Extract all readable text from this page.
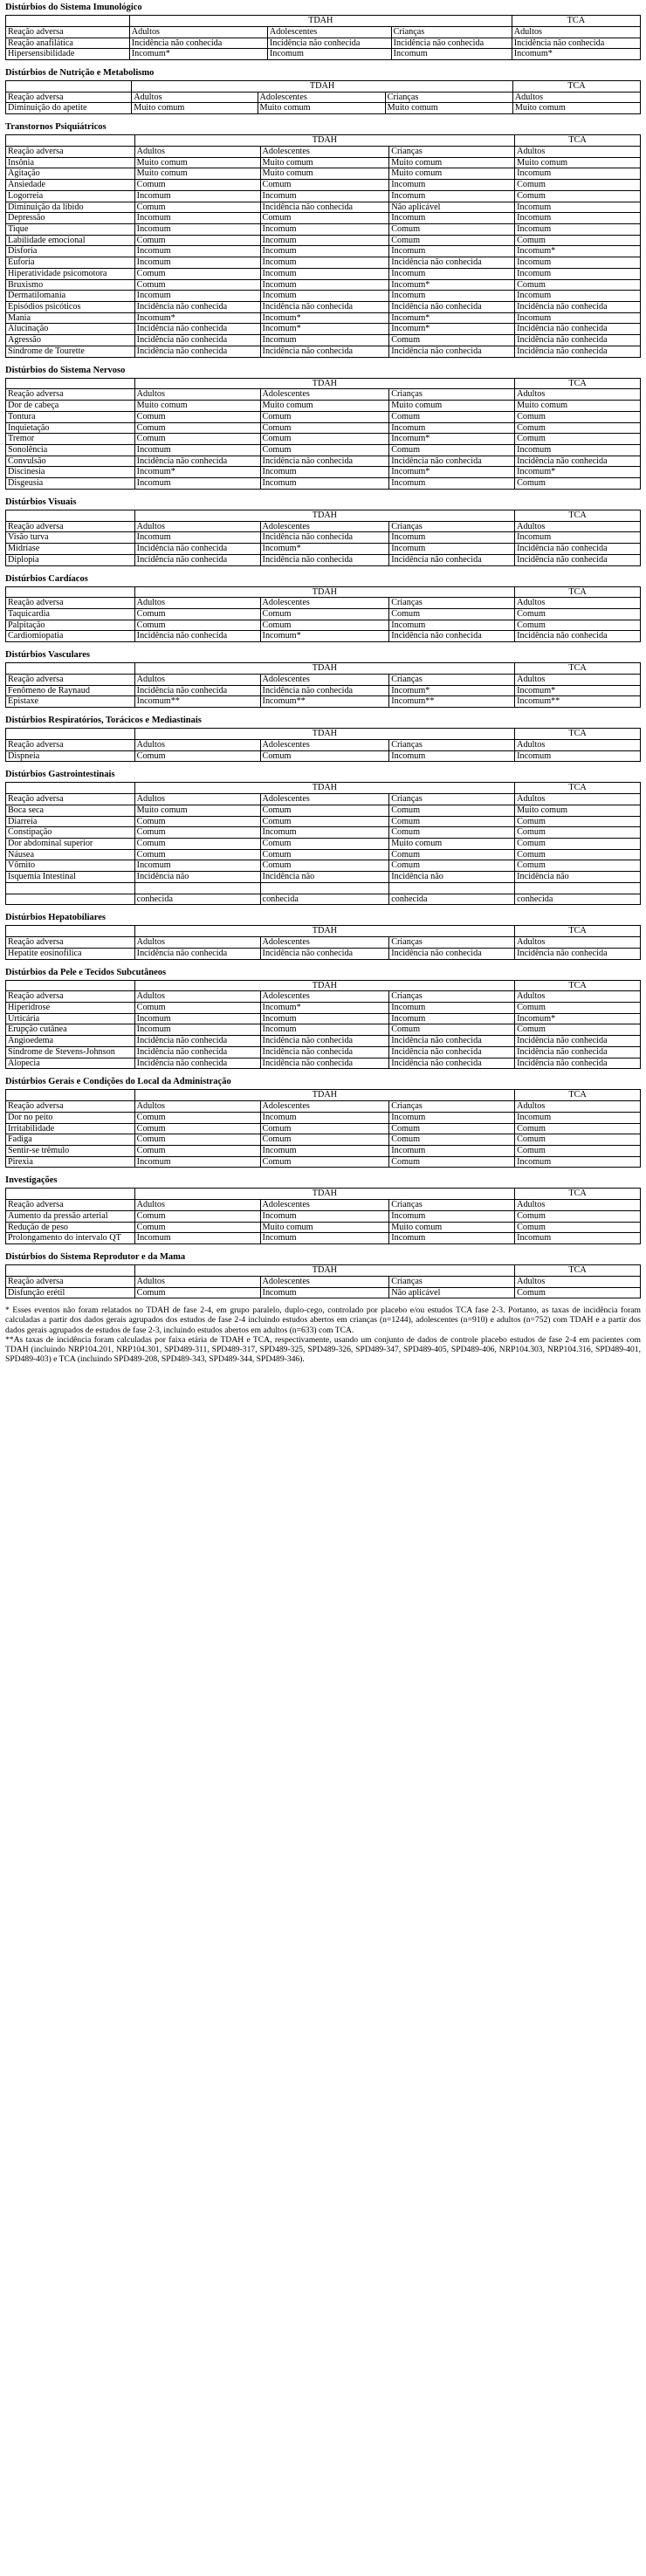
Distúrbios do Sistema Imunológico
	TDAH			TCA
Reação adversa	Adultos	Adolescentes	Crianças	Adultos
Reação anafilática	Incidência não conhecida	Incidência não conhecida	Incidência não conhecida	Incidência não conhecida
Hipersensibilidade	Incomum*	Incomum	Incomum	Incomum*
Distúrbios de Nutrição e Metabolismo
	TDAH			TCA
Reação adversa	Adultos	Adolescentes	Crianças	Adultos
Diminuição do apetite	Muito comum	Muito comum	Muito comum	Muito comum
Transtornos Psiquiátricos
	TDAH			TCA
Reação adversa	Adultos	Adolescentes	Crianças	Adultos
Insônia	Muito comum	Muito comum	Muito comum	Muito comum
Agitação	Muito comum	Muito comum	Muito comum	Incomum
Ansiedade	Comum	Comum	Incomum	Comum
Logorreia	Incomum	Incomum	Incomum	Comum
Diminuição da libido	Comum	Incidência não conhecida	Não aplicável	Incomum
Depressão	Incomum	Comum	Incomum	Incomum
Tique	Incomum	Incomum	Comum	Incomum
Labilidade emocional	Comum	Incomum	Comum	Comum
Disforia	Incomum	Incomum	Incomum	Incomum*
Euforia	Incomum	Incomum	Incidência não conhecida	Incomum
Hiperatividade psicomotora	Comum	Incomum	Incomum	Incomum
Bruxismo	Comum	Incomum	Incomum*	Comum
Dermatilomania	Incomum	Incomum	Incomum	Incomum
Episódios psicóticos	Incidência não conhecida	Incidência não conhecida	Incidência não conhecida	Incidência não conhecida
Mania	Incomum*	Incomum*	Incomum*	Incomum
Alucinação	Incidência não conhecida	Incomum*	Incomum*	Incidência não conhecida
Agressão	Incidência não conhecida	Incomum	Comum	Incidência não conhecida
Síndrome de Tourette	Incidência não conhecida	Incidência não conhecida	Incidência não conhecida	Incidência não conhecida
Distúrbios do Sistema Nervoso
	TDAH			TCA
Reação adversa	Adultos	Adolescentes	Crianças	Adultos
Dor de cabeça	Muito comum	Muito comum	Muito comum	Muito comum
Tontura	Comum	Comum	Comum	Comum
Inquietação	Comum	Comum	Incomum	Comum
Tremor	Comum	Comum	Incomum*	Comum
Sonolência	Incomum	Comum	Comum	Incomum
Convulsão	Incidência não conhecida	Incidência não conhecida	Incidência não conhecida	Incidência não conhecida
Discinesia	Incomum*	Incomum	Incomum*	Incomum*
Disgeusia	Incomum	Incomum	Incomum	Comum
Distúrbios Visuais
	TDAH			TCA
Reação adversa	Adultos	Adolescentes	Crianças	Adultos
Visão turva	Incomum	Incidência não conhecida	Incomum	Incomum
Midríase	Incidência não conhecida	Incomum*	Incomum	Incidência não conhecida
Diplopia	Incidência não conhecida	Incidência não conhecida	Incidência não conhecida	Incidência não conhecida
Distúrbios Cardíacos
	TDAH			TCA
Reação adversa	Adultos	Adolescentes	Crianças	Adultos
Taquicardia	Comum	Comum	Comum	Comum
Palpitação	Comum	Comum	Incomum	Comum
Cardiomiopatia	Incidência não conhecida	Incomum*	Incidência não conhecida	Incidência não conhecida
Distúrbios Vasculares
	TDAH			TCA
Reação adversa	Adultos	Adolescentes	Crianças	Adultos
Fenômeno de Raynaud	Incidência não conhecida	Incidência não conhecida	Incomum*	Incomum*
Epistaxe	Incomum**	Incomum**	Incomum**	Incomum**
Distúrbios Respiratórios, Torácicos e Mediastinais
	TDAH			TCA
Reação adversa	Adultos	Adolescentes	Crianças	Adultos
Dispneia	Comum	Comum	Incomum	Incomum
Distúrbios Gastrointestinais
	TDAH			TCA
Reação adversa	Adultos	Adolescentes	Crianças	Adultos
Boca seca	Muito comum	Comum	Comum	Muito comum
Diarreia	Comum	Comum	Comum	Comum
Constipação	Comum	Incomum	Comum	Comum
Dor abdominal superior	Comum	Comum	Muito comum	Comum
Náusea	Comum	Comum	Comum	Comum
Vômito	Incomum	Comum	Comum	Comum
Isquemia Intestinal	Incidência não	Incidência não	Incidência não	Incidência não

	conhecida	conhecida	conhecida	conhecida
Distúrbios Hepatobiliares
	TDAH			TCA
Reação adversa	Adultos	Adolescentes	Crianças	Adultos
Hepatite eosinofílica	Incidência não conhecida	Incidência não conhecida	Incidência não conhecida	Incidência não conhecida
Distúrbios da Pele e Tecidos Subcutâneos
	TDAH			TCA
Reação adversa	Adultos	Adolescentes	Crianças	Adultos
Hiperidrose	Comum	Incomum*	Incomum	Comum
Urticária	Incomum	Incomum	Incomum	Incomum*
Erupção cutânea	Incomum	Incomum	Comum	Comum
Angioedema	Incidência não conhecida	Incidência não conhecida	Incidência não conhecida	Incidência não conhecida
Síndrome de Stevens-Johnson	Incidência não conhecida	Incidência não conhecida	Incidência não conhecida	Incidência não conhecida
Alopecia	Incidência não conhecida	Incidência não conhecida	Incidência não conhecida	Incidência não conhecida
Distúrbios Gerais e Condições do Local da Administração
	TDAH			TCA
Reação adversa	Adultos	Adolescentes	Crianças	Adultos
Dor no peito	Comum	Incomum	Incomum	Incomum
Irritabilidade	Comum	Comum	Comum	Comum
Fadiga	Comum	Comum	Comum	Comum
Sentir-se trêmulo	Comum	Incomum	Incomum	Comum
Pirexia	Incomum	Comum	Comum	Incomum
Investigações
	TDAH			TCA
Reação adversa	Adultos	Adolescentes	Crianças	Adultos
Aumento da pressão arterial	Comum	Incomum	Incomum	Comum
Redução de peso	Comum	Muito comum	Muito comum	Comum
Prolongamento do intervalo QT	Incomum	Incomum	Incomum	Incomum
Distúrbios do Sistema Reprodutor e da Mama
	TDAH			TCA
Reação adversa	Adultos	Adolescentes	Crianças	Adultos
Disfunção erétil	Comum	Incomum	Não aplicável	Comum

* Esses eventos não foram relatados no TDAH de fase 2-4, em grupo paralelo, duplo-cego, controlado por placebo e/ou estudos TCA fase 2-3. Portanto, as taxas de incidência foram calculadas a partir dos dados gerais agrupados dos estudos de fase 2-4 incluindo estudos abertos em crianças (n=1244), adolescentes (n=910) e adultos (n=752) com TDAH e a partir dos dados gerais agrupados de estudos de fase 2-3, incluindo estudos abertos em adultos (n=633) com TCA.

**As taxas de incidência foram calculadas por faixa etária de TDAH e TCA, respectivamente, usando um conjunto de dados de controle placebo estudos de fase 2-4 em pacientes com TDAH (incluindo NRP104.201, NRP104.301, SPD489-311, SPD489-317, SPD489-325, SPD489-326, SPD489-347, SPD489-405, SPD489-406, NRP104.303, NRP104.316, SPD489-401, SPD489-403) e TCA (incluindo SPD489-208, SPD489-343, SPD489-344, SPD489-346).
